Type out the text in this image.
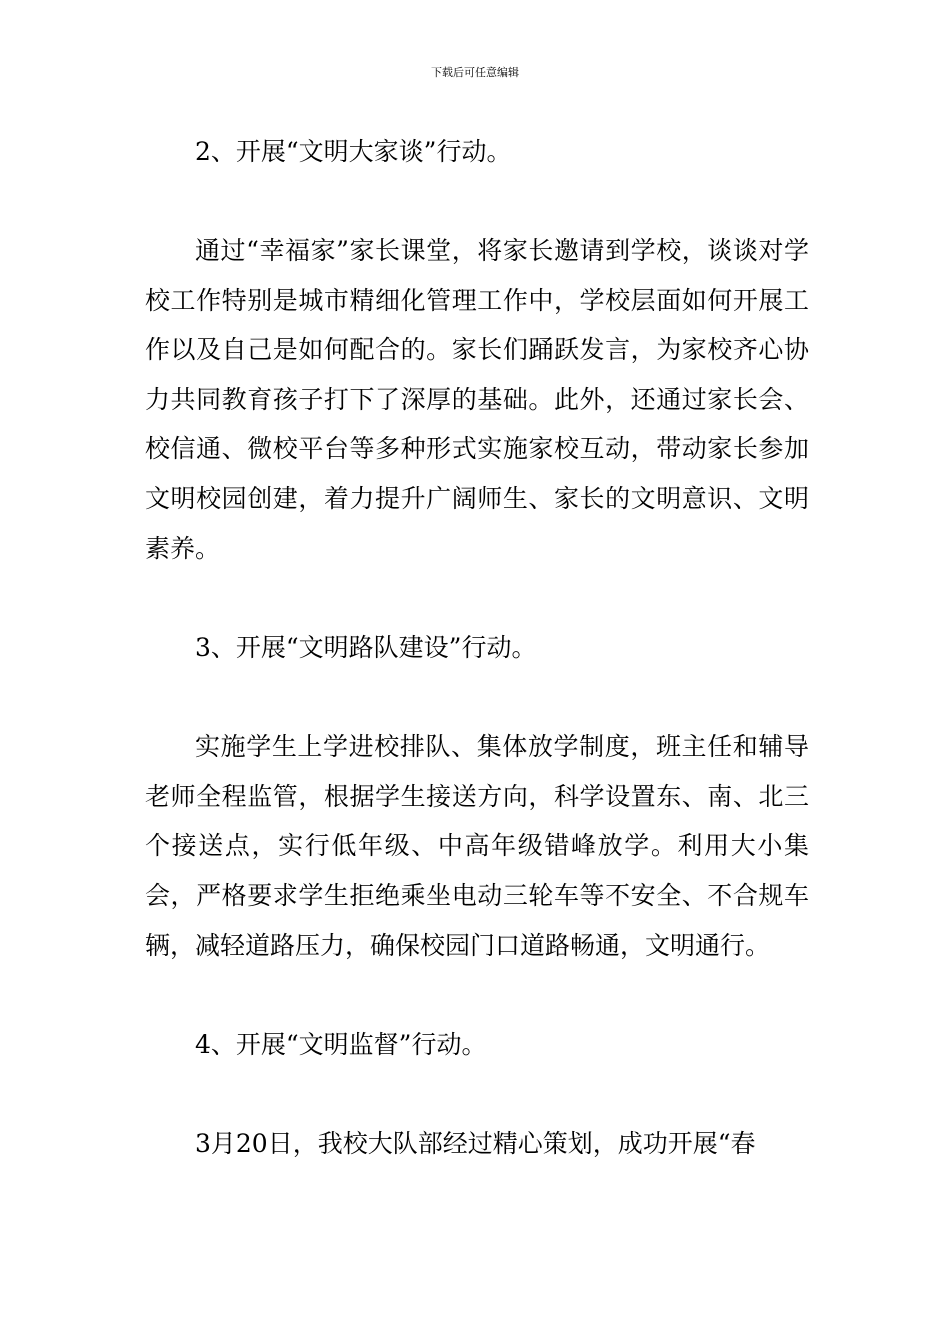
下载后可任意编辑

2、开展“文明大家谈”行动。

通过“幸福家”家长课堂，将家长邀请到学校，谈谈对学校工作特别是城市精细化管理工作中，学校层面如何开展工作以及自己是如何配合的。家长们踊跃发言，为家校齐心协力共同教育孩子打下了深厚的基础。此外，还通过家长会、校信通、微校平台等多种形式实施家校互动，带动家长参加文明校园创建，着力提升广阔师生、家长的文明意识、文明素养。

3、开展“文明路队建设”行动。

实施学生上学进校排队、集体放学制度，班主任和辅导老师全程监管，根据学生接送方向，科学设置东、南、北三个接送点，实行低年级、中高年级错峰放学。利用大小集会，严格要求学生拒绝乘坐电动三轮车等不安全、不合规车辆，减轻道路压力，确保校园门口道路畅通，文明通行。

4、开展“文明监督”行动。

3月20日，我校大队部经过精心策划，成功开展“春
